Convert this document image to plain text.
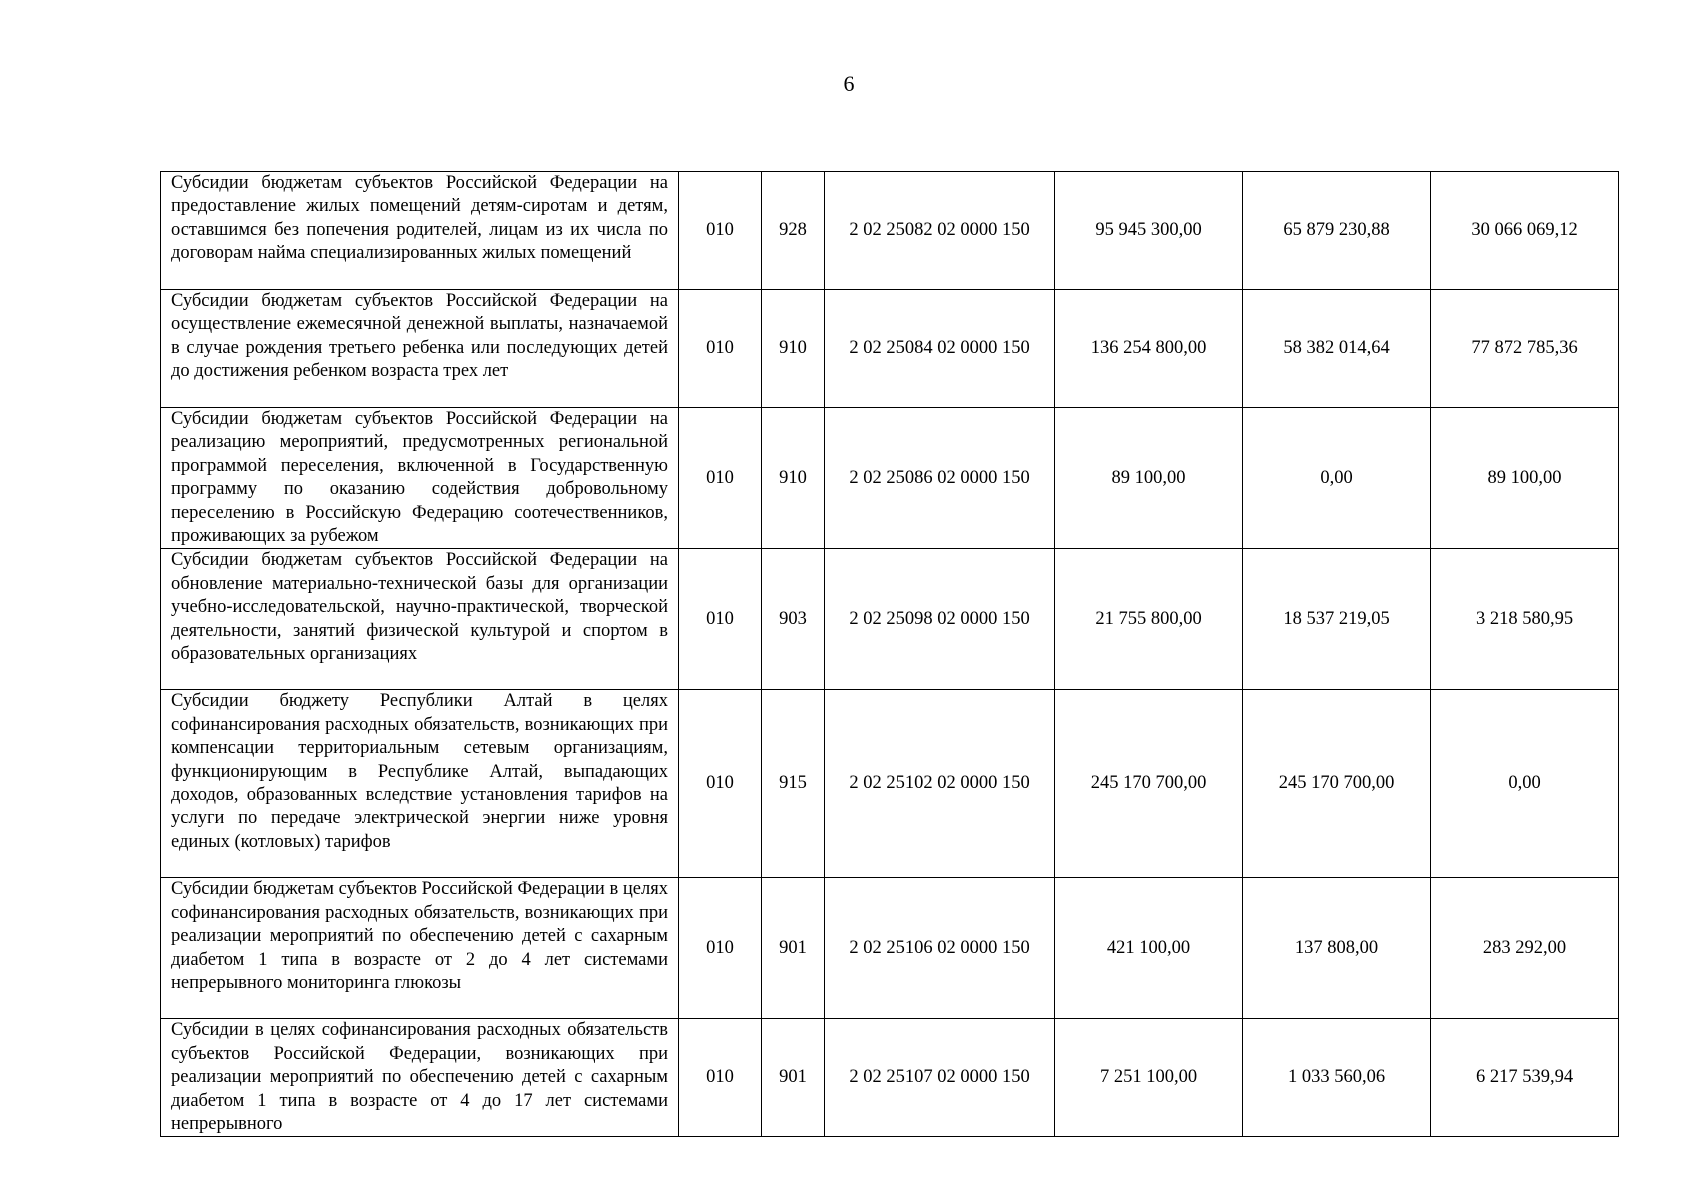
6
Субсидии бюджетам субъектов Российской Федерации на предоставление жилых помещений детям-сиротам и детям, оставшимся без попечения родителей, лицам из их числа по договорам найма специализированных жилых помещений	010	928	2 02 25082 02 0000 150	95 945 300,00	65 879 230,88	30 066 069,12
Субсидии бюджетам субъектов Российской Федерации на осуществление ежемесячной денежной выплаты, назначаемой в случае рождения третьего ребенка или последующих детей до достижения ребенком возраста трех лет	010	910	2 02 25084 02 0000 150	136 254 800,00	58 382 014,64	77 872 785,36
Субсидии бюджетам субъектов Российской Федерации на реализацию мероприятий, предусмотренных региональной программой переселения, включенной в Государственную программу по оказанию содействия добровольному переселению в Российскую Федерацию соотечественников, проживающих за рубежом	010	910	2 02 25086 02 0000 150	89 100,00	0,00	89 100,00
Субсидии бюджетам субъектов Российской Федерации на обновление материально-технической базы для организации учебно-исследовательской, научно-практической, творческой деятельности, занятий физической культурой и спортом в образовательных организациях	010	903	2 02 25098 02 0000 150	21 755 800,00	18 537 219,05	3 218 580,95
Субсидии бюджету Республики Алтай в целях софинансирования расходных обязательств, возникающих при компенсации территориальным сетевым организациям, функционирующим в Республике Алтай, выпадающих доходов, образованных вследствие установления тарифов на услуги по передаче электрической энергии ниже уровня единых (котловых) тарифов	010	915	2 02 25102 02 0000 150	245 170 700,00	245 170 700,00	0,00
Субсидии бюджетам субъектов Российской Федерации в целях софинансирования расходных обязательств, возникающих при реализации мероприятий по обеспечению детей с сахарным диабетом 1 типа в возрасте от 2 до 4 лет системами непрерывного мониторинга глюкозы	010	901	2 02 25106 02 0000 150	421 100,00	137 808,00	283 292,00
Субсидии в целях софинансирования расходных обязательств субъектов Российской Федерации, возникающих при реализации мероприятий по обеспечению детей с сахарным диабетом 1 типа в возрасте от 4 до 17 лет системами непрерывного	010	901	2 02 25107 02 0000 150	7 251 100,00	1 033 560,06	6 217 539,94
